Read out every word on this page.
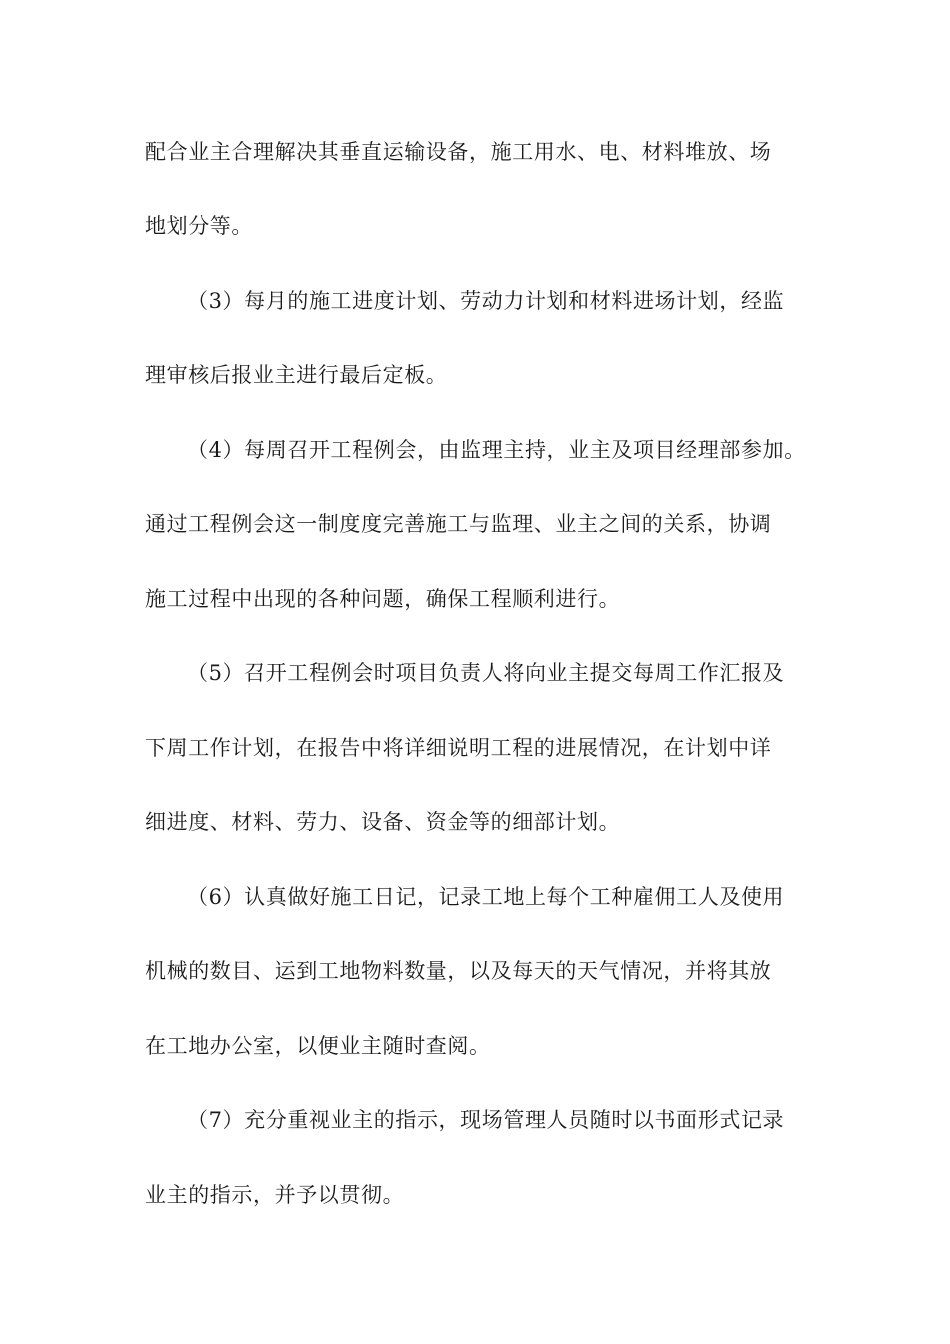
配合业主合理解决其垂直运输设备，施工用水、电、材料堆放、场
地划分等。
（3）每月的施工进度计划、劳动力计划和材料进场计划，经监
理审核后报业主进行最后定板。
（4）每周召开工程例会，由监理主持，业主及项目经理部参加。
通过工程例会这一制度度完善施工与监理、业主之间的关系，协调
施工过程中出现的各种问题，确保工程顺利进行。
（5）召开工程例会时项目负责人将向业主提交每周工作汇报及
下周工作计划，在报告中将详细说明工程的进展情况，在计划中详
细进度、材料、劳力、设备、资金等的细部计划。
（6）认真做好施工日记，记录工地上每个工种雇佣工人及使用
机械的数目、运到工地物料数量，以及每天的天气情况，并将其放
在工地办公室，以便业主随时查阅。
（7）充分重视业主的指示，现场管理人员随时以书面形式记录
业主的指示，并予以贯彻。
